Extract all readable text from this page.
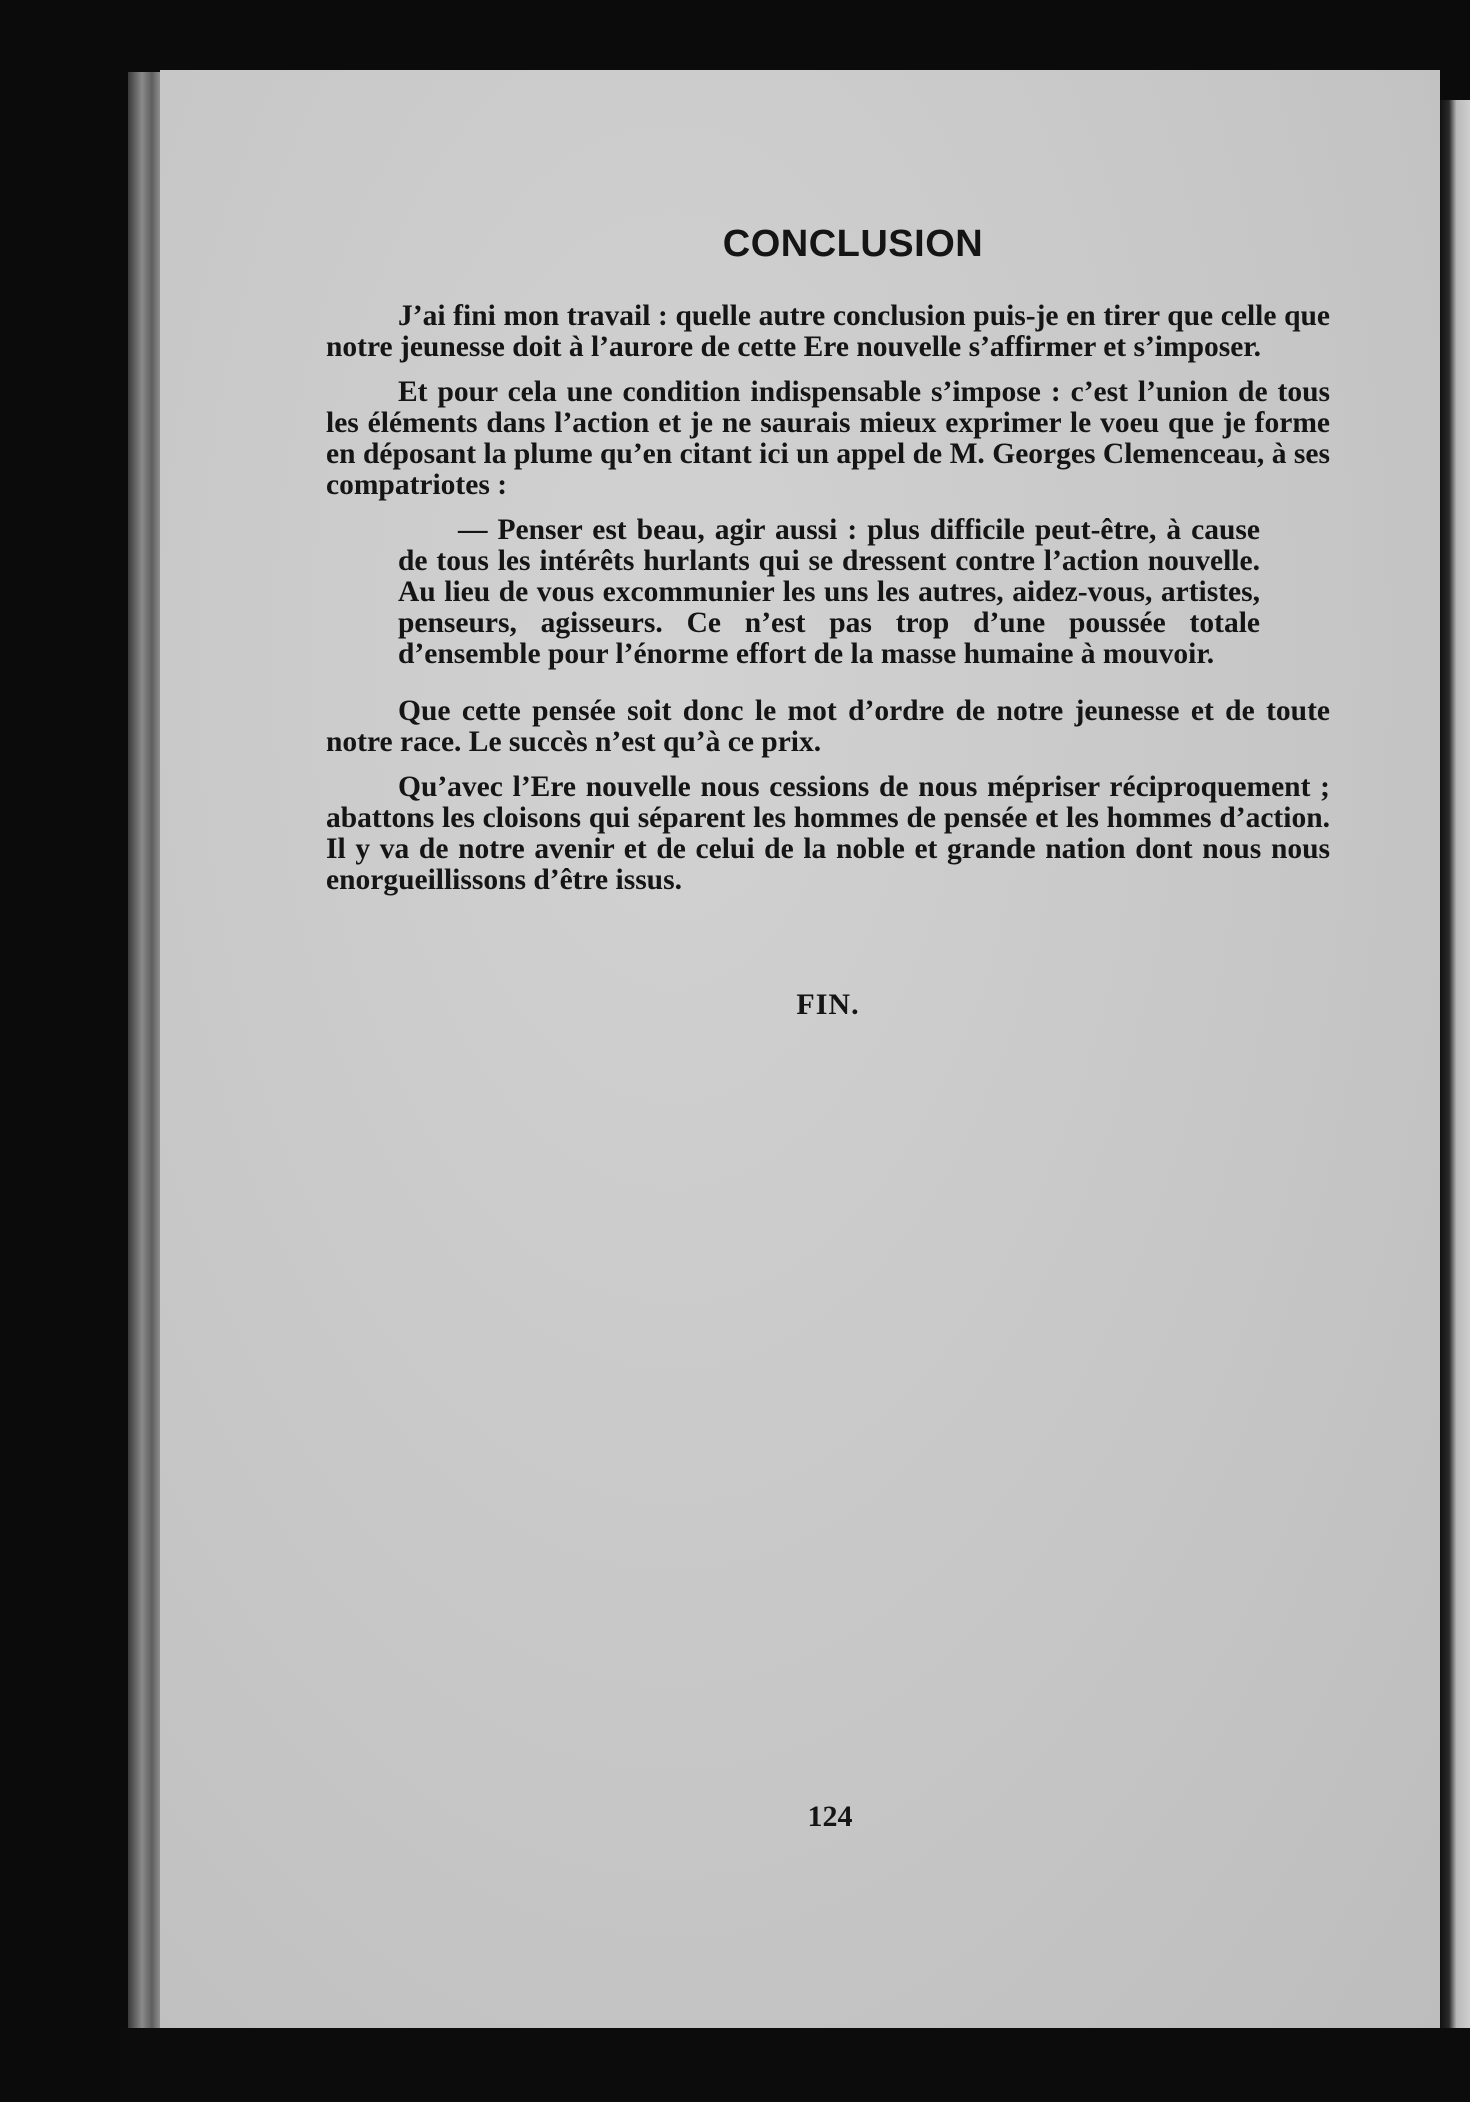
CONCLUSION

J’ai fini mon travail : quelle autre conclusion puis-je en tirer que celle que notre jeunesse doit à l’aurore de cette Ere nouvelle s’affirmer et s’imposer.

Et pour cela une condition indispensable s’impose : c’est l’union de tous les éléments dans l’action et je ne saurais mieux exprimer le voeu que je forme en déposant la plume qu’en citant ici un appel de M. Georges Clemenceau, à ses compatriotes :

— Penser est beau, agir aussi : plus difficile peut-être, à cause de tous les intérêts hurlants qui se dressent contre l’action nouvelle. Au lieu de vous excommunier les uns les autres, aidez-vous, artistes, penseurs, agisseurs. Ce n’est pas trop d’une poussée totale d’ensemble pour l’énorme effort de la masse humaine à mouvoir.

Que cette pensée soit donc le mot d’ordre de notre jeunesse et de toute notre race. Le succès n’est qu’à ce prix.

Qu’avec l’Ere nouvelle nous cessions de nous mépriser réciproquement ; abattons les cloisons qui séparent les hommes de pensée et les hommes d’action. Il y va de notre avenir et de celui de la noble et grande nation dont nous nous enorgueillissons d’être issus.

FIN.
124
